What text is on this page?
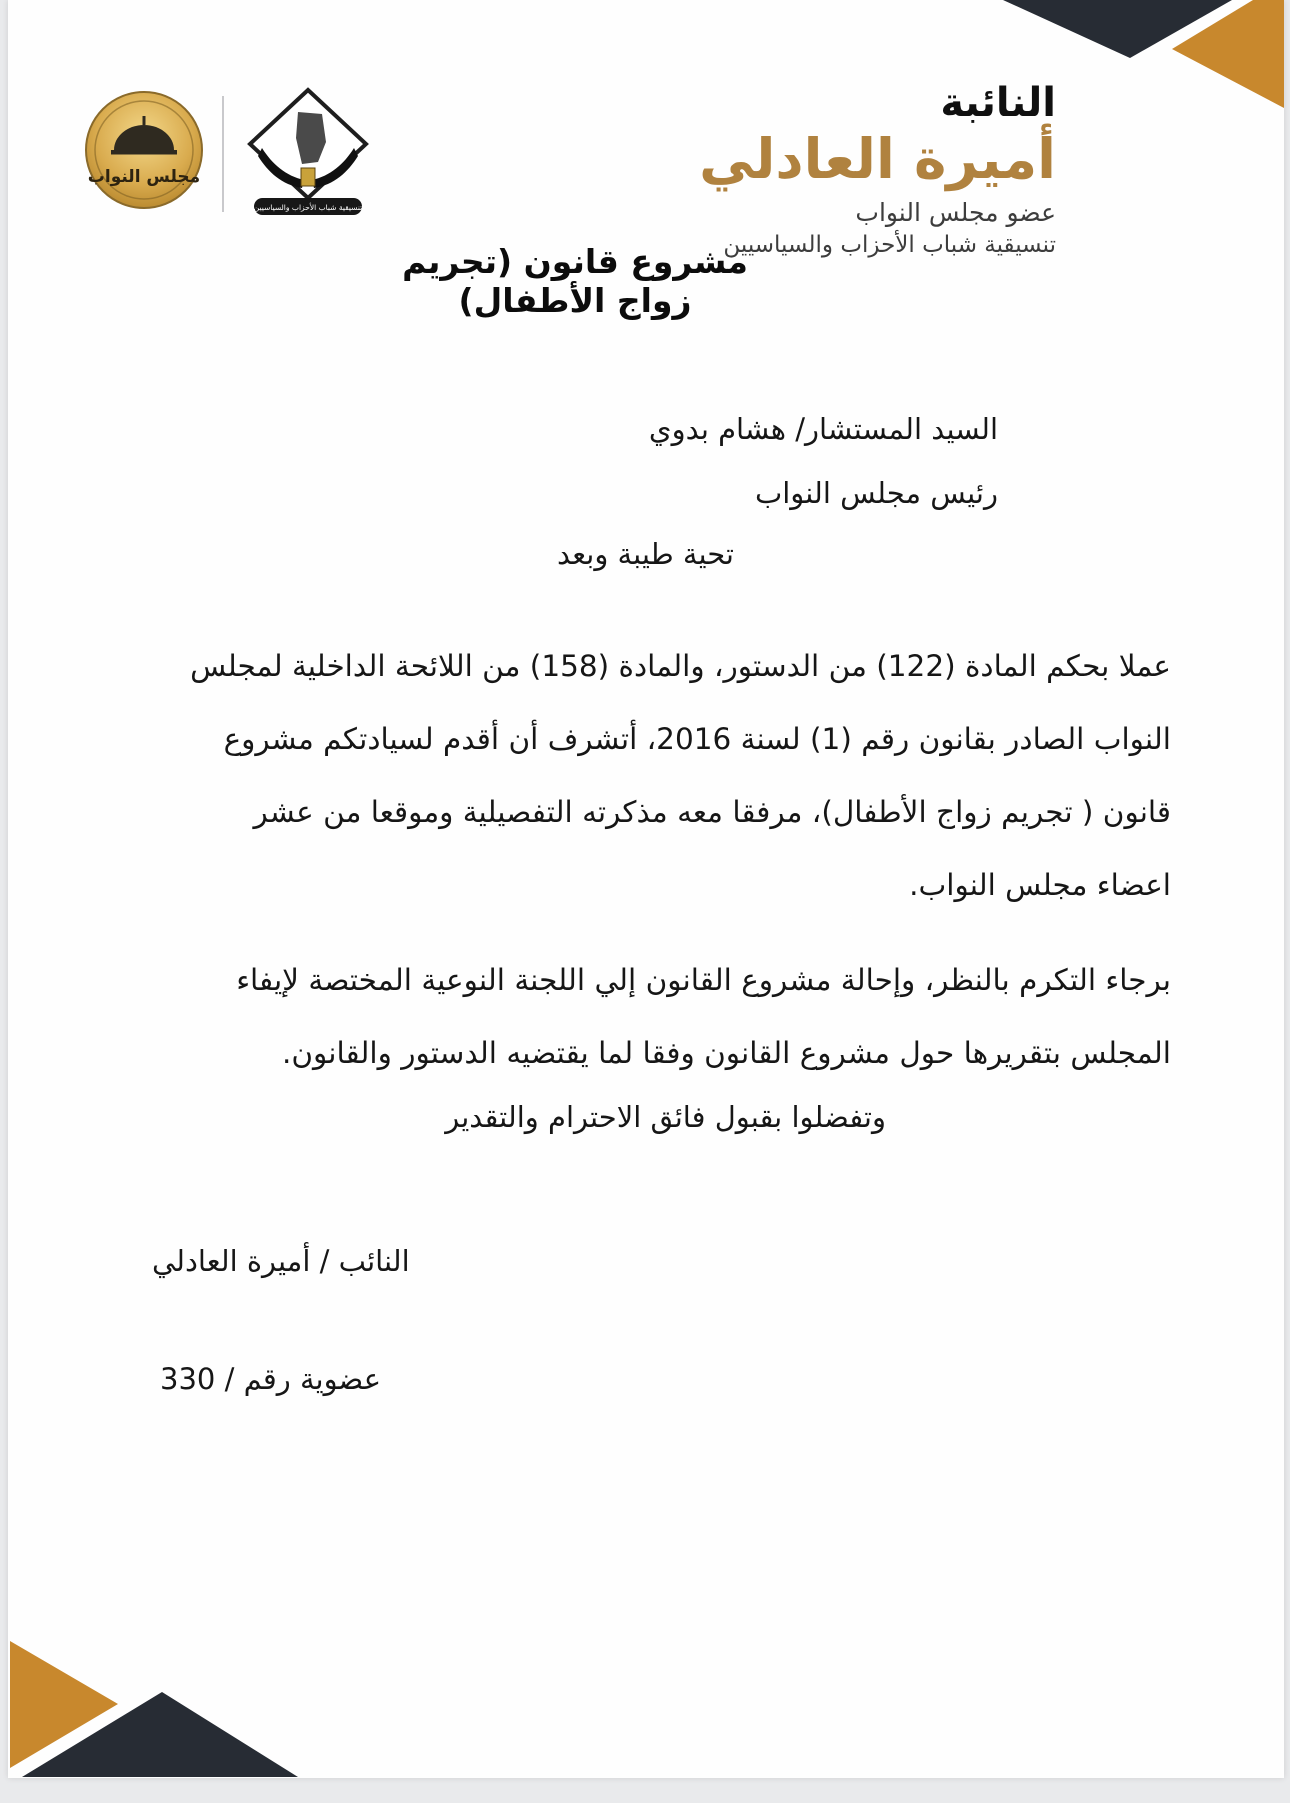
مجلس النواب
تنسيقية شباب الأحزاب والسياسيين
النائبة
أميرة العادلي
عضو مجلس النواب
تنسيقية شباب الأحزاب والسياسيين
مشروع قانون (تجريم زواج الأطفال)
السيد المستشار/ هشام بدوي
رئيس مجلس النواب
تحية طيبة وبعد
عملا بحكم المادة (122) من الدستور، والمادة (158) من اللائحة الداخلية لمجلس
النواب الصادر بقانون رقم (1) لسنة 2016، أتشرف أن أقدم لسيادتكم مشروع
قانون ( تجريم زواج الأطفال)، مرفقا معه مذكرته التفصيلية وموقعا من عشر
اعضاء مجلس النواب.
برجاء التكرم بالنظر، وإحالة مشروع القانون إلي اللجنة النوعية المختصة لإيفاء
المجلس بتقريرها حول مشروع القانون وفقا لما يقتضيه الدستور والقانون.
وتفضلوا بقبول فائق الاحترام والتقدير
النائب / أميرة العادلي
عضوية رقم / 330
